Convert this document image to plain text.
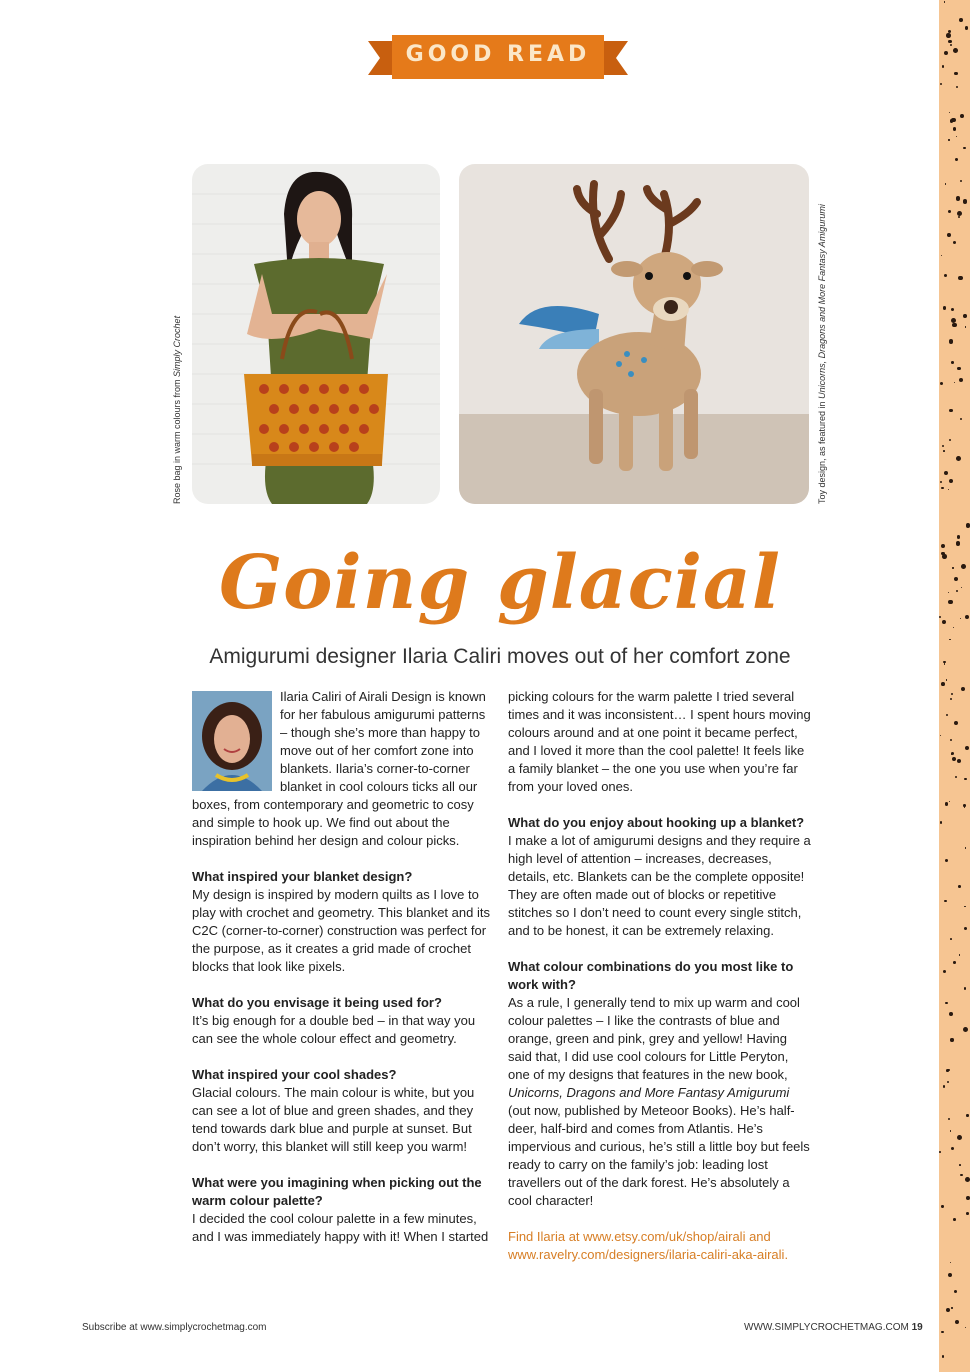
GOOD READ
Rose bag in warm colours from Simply Crochet
Toy design, as featured in Unicorns, Dragons and More Fantasy Amigurumi
Going glacial
Amigurumi designer Ilaria Caliri moves out of her comfort zone

Ilaria Caliri of Airali Design is known for her fabulous amigurumi patterns – though she’s more than happy to move out of her comfort zone into blankets. Ilaria’s corner-to-corner blanket in cool colours ticks all our boxes, from contemporary and geometric to cosy and simple to hook up. We find out about the inspiration behind her design and colour picks.

What inspired your blanket design?
My design is inspired by modern quilts as I love to play with crochet and geometry. This blanket and its C2C (corner-to-corner) construction was perfect for the purpose, as it creates a grid made of crochet blocks that look like pixels.

What do you envisage it being used for?
It’s big enough for a double bed – in that way you can see the whole colour effect and geometry.

What inspired your cool shades?
Glacial colours. The main colour is white, but you can see a lot of blue and green shades, and they tend towards dark blue and purple at sunset. But don’t worry, this blanket will still keep you warm!

What were you imagining when picking out the warm colour palette?
I decided the cool colour palette in a few minutes, and I was immediately happy with it! When I started

picking colours for the warm palette I tried several times and it was inconsistent… I spent hours moving colours around and at one point it became perfect, and I loved it more than the cool palette! It feels like a family blanket – the one you use when you’re far from your loved ones.

What do you enjoy about hooking up a blanket?
I make a lot of amigurumi designs and they require a high level of attention – increases, decreases, details, etc. Blankets can be the complete opposite! They are often made out of blocks or repetitive stitches so I don’t need to count every single stitch, and to be honest, it can be extremely relaxing.

What colour combinations do you most like to work with?
As a rule, I generally tend to mix up warm and cool colour palettes – I like the contrasts of blue and orange, green and pink, grey and yellow! Having said that, I did use cool colours for Little Peryton, one of my designs that features in the new book, Unicorns, Dragons and More Fantasy Amigurumi (out now, published by Meteoor Books). He’s half-deer, half-bird and comes from Atlantis. He’s impervious and curious, he’s still a little boy but feels ready to carry on the family’s job: leading lost travellers out of the dark forest. He’s absolutely a cool character!

Find Ilaria at www.etsy.com/uk/shop/airali and www.ravelry.com/designers/ilaria-caliri-aka-airali.

Subscribe at www.simplycrochetmag.com	WWW.SIMPLYCROCHETMAG.COM 19
